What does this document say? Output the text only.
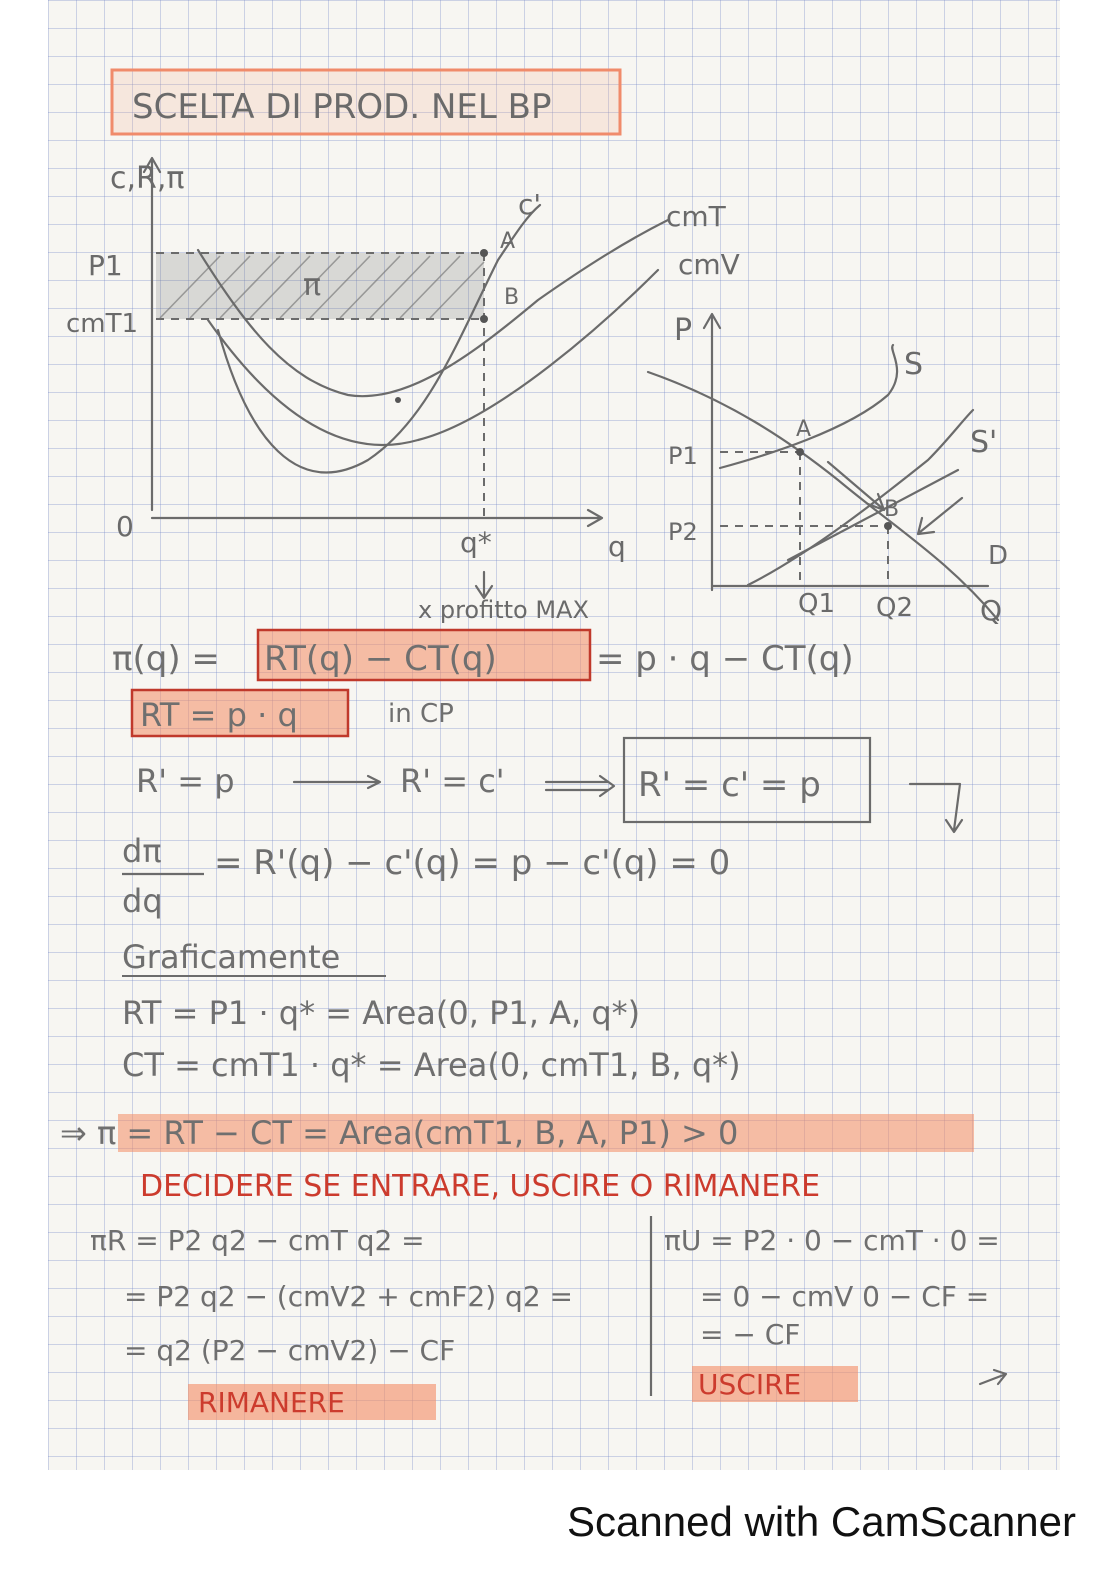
SCELTA DI PROD. NEL BP
c,R,π
P1
cmT1
π
c'	cmT
cmV
A
B
0	q*	q
x profitto MAX
P
S
S'
A
B
P1
P2
D
Q1 Q2 Q
π(q) = RT(q) − CT(q)	= p · q − CT(q)
RT = p · q	in CP
R' = p	R' = c'	R' = c' = p
dπ
dq
= R'(q) − c'(q) = p − c'(q) = 0
Graficamente
RT = P1 · q* = Area(0, P1, A, q*)
CT = cmT1 · q* = Area(0, cmT1, B, q*)
⇒ π = RT − CT = Area(cmT1, B, A, P1) > 0
DECIDERE SE ENTRARE, USCIRE O RIMANERE
πR = P2 q2 − cmT q2 =
= P2 q2 − (cmV2 + cmF2) q2 =
= q2 (P2 − cmV2) − CF
RIMANERE
πU = P2 · 0 − cmT · 0 =
= 0 − cmV 0 − CF =
= − CF
USCIRE
Scanned with CamScanner
